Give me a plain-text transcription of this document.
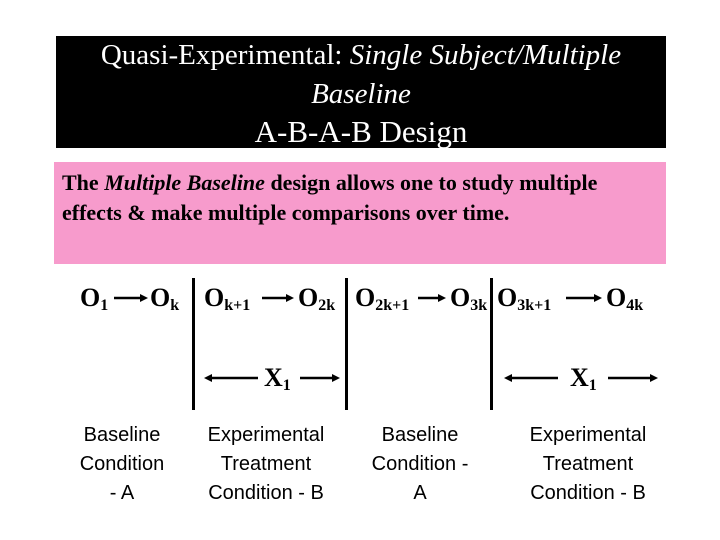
Quasi-Experimental: Single Subject/Multiple
Baseline
A-B-A-B Design
The Multiple Baseline design allows one to study multiple effects & make multiple comparisons over time.
$O_1$ $O_k$ $O_{k+1}$ $O_{2k}$ $O_{2k+1}$ $O_{3k}$ $O_{3k+1}$ $O_{4k}$
$X_1$	$X_1$
Baseline
Condition
- A
Experimental
Treatment
Condition - B
Baseline
Condition -
A
Experimental
Treatment
Condition - B
